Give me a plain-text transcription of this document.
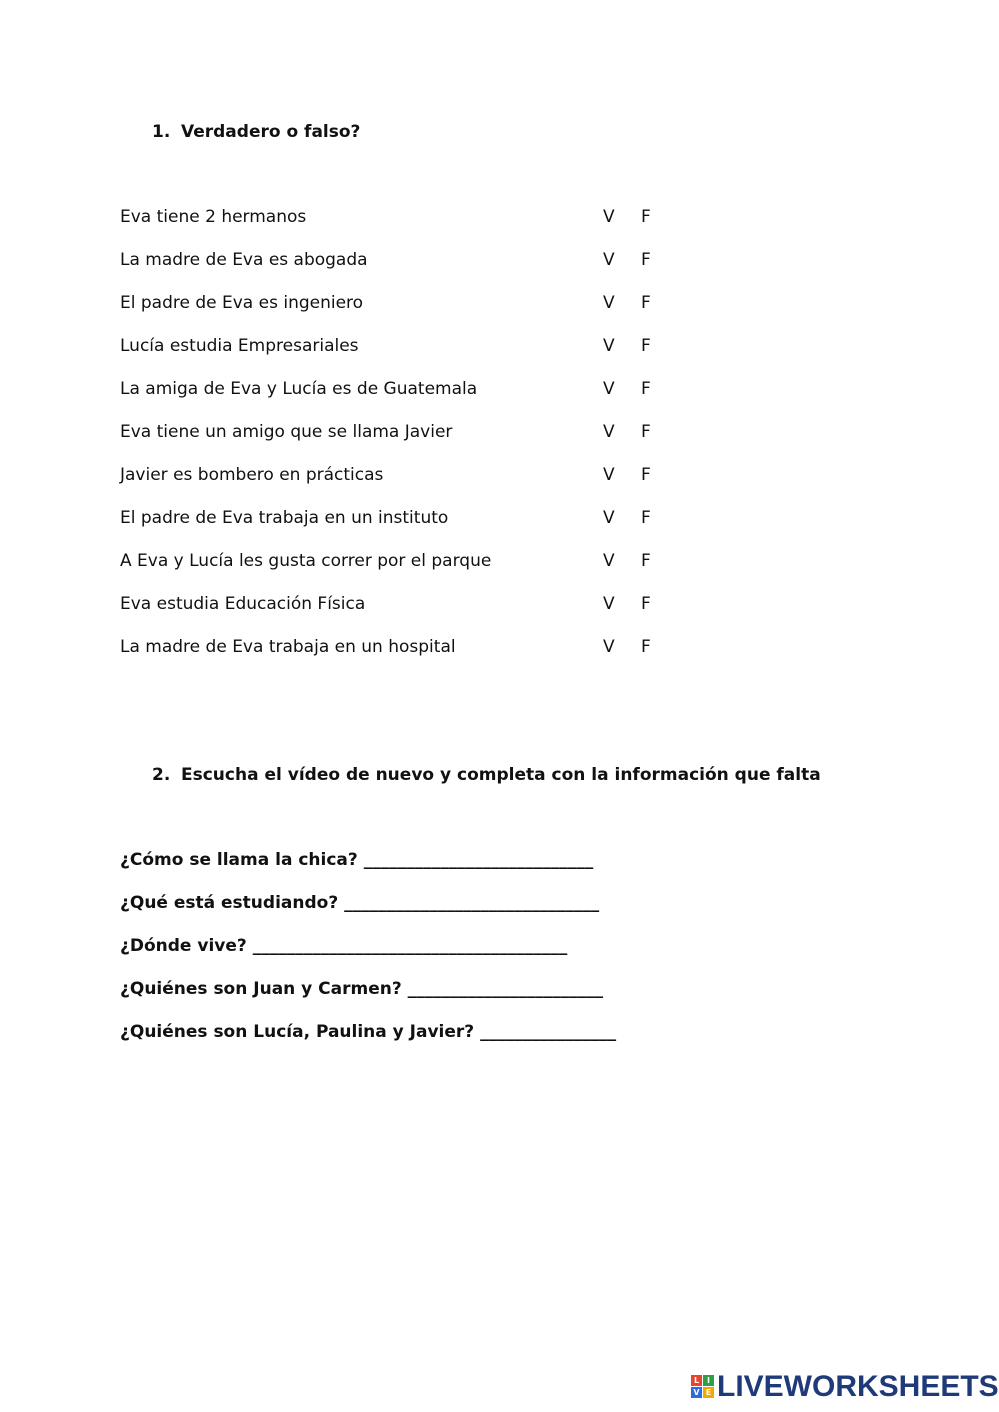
1. Verdadero o falso?
Eva tiene 2 hermanos	V F
La madre de Eva es abogada	V F
El padre de Eva es ingeniero	V F
Lucía estudia Empresariales	V F
La amiga de Eva y Lucía es de Guatemala	V F
Eva tiene un amigo que se llama Javier	V F
Javier es bombero en prácticas	V F
El padre de Eva trabaja en un instituto	V F
A Eva y Lucía les gusta correr por el parque	V F
Eva estudia Educación Física	V F
La madre de Eva trabaja en un hospital	V F
2. Escucha el vídeo de nuevo y completa con la información que falta
¿Cómo se llama la chica? ___________________________
¿Qué está estudiando? ______________________________
¿Dónde vive? _____________________________________
¿Quiénes son Juan y Carmen? _______________________
¿Quiénes son Lucía, Paulina y Javier? ________________
L I
V E LIVEWORKSHEETS
